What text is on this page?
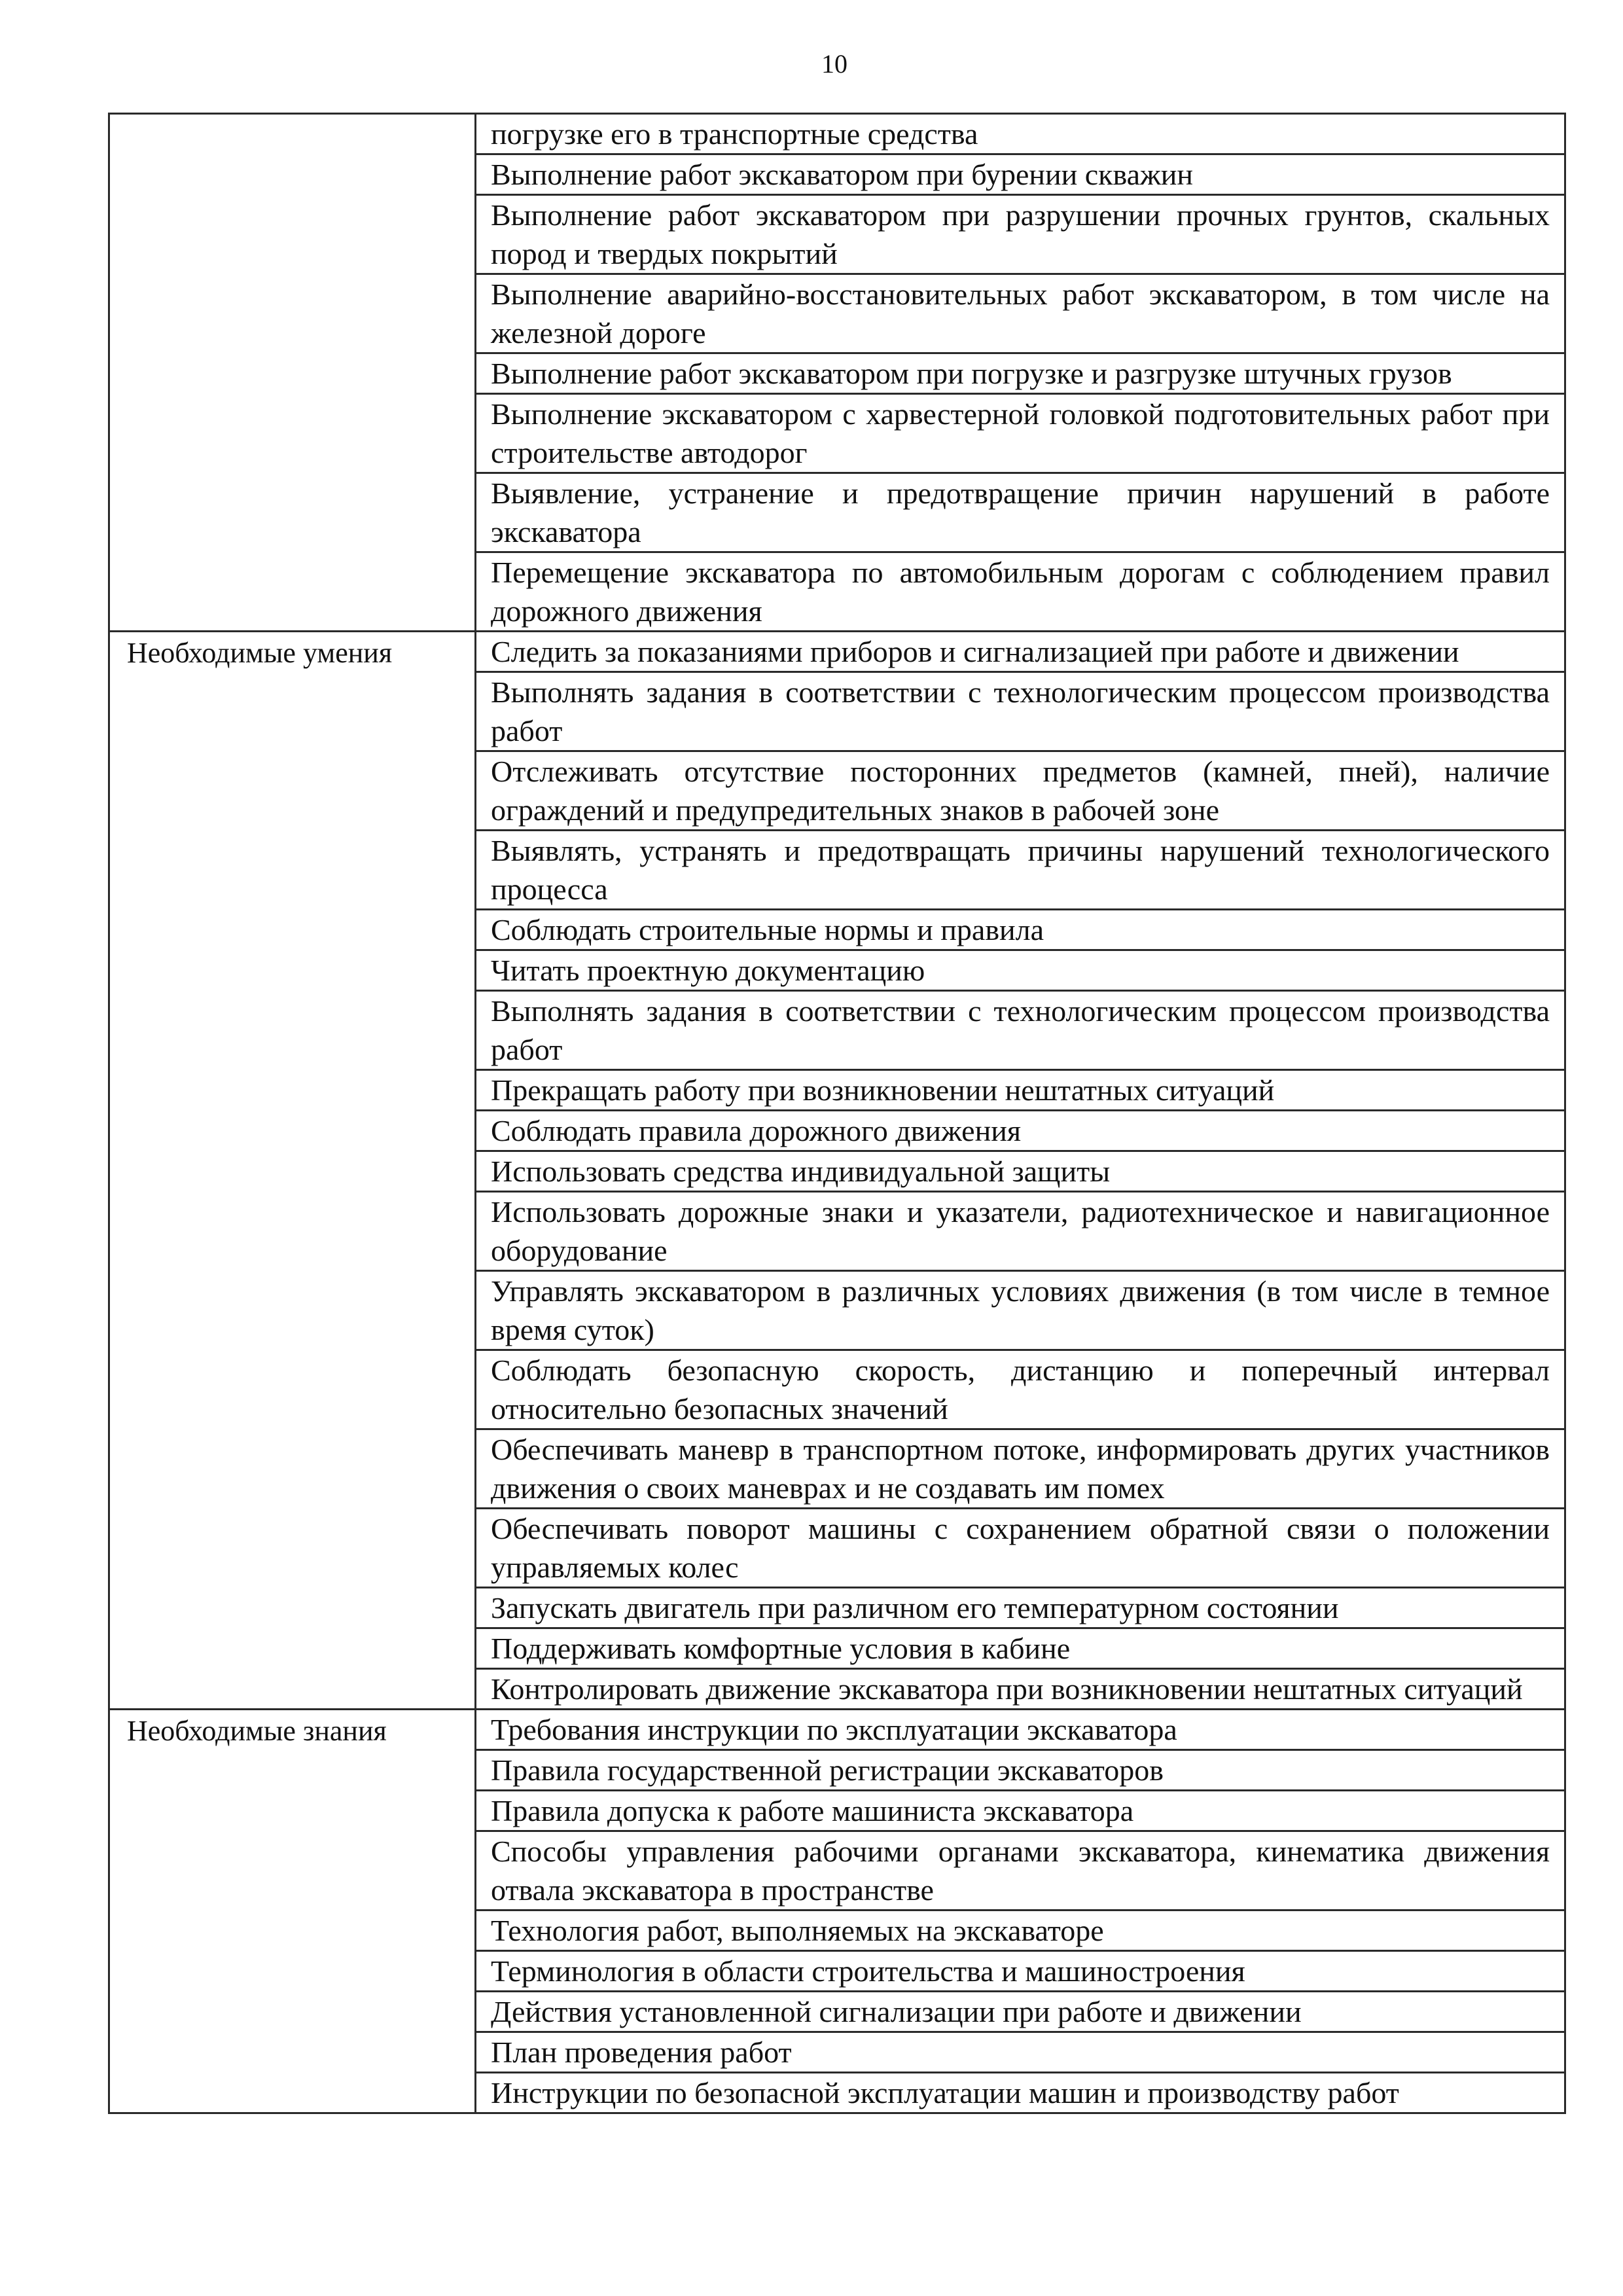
10
	погрузке его в транспортные средства
	Выполнение работ экскаватором при бурении скважин
	Выполнение работ экскаватором при разрушении прочных грунтов, скальных пород и твердых покрытий
	Выполнение аварийно-восстановительных работ экскаватором, в том числе на железной дороге
	Выполнение работ экскаватором при погрузке и разгрузке штучных грузов
	Выполнение экскаватором с харвестерной головкой подготовительных работ при строительстве автодорог
	Выявление, устранение и предотвращение причин нарушений в работе экскаватора
	Перемещение экскаватора по автомобильным дорогам с соблюдением правил дорожного движения
Необходимые умения	Следить за показаниями приборов и сигнализацией при работе и движении
	Выполнять задания в соответствии с технологическим процессом производства работ
	Отслеживать отсутствие посторонних предметов (камней, пней), наличие ограждений и предупредительных знаков в рабочей зоне
	Выявлять, устранять и предотвращать причины нарушений технологического процесса
	Соблюдать строительные нормы и правила
	Читать проектную документацию
	Выполнять задания в соответствии с технологическим процессом производства работ
	Прекращать работу при возникновении нештатных ситуаций
	Соблюдать правила дорожного движения
	Использовать средства индивидуальной защиты
	Использовать дорожные знаки и указатели, радиотехническое и навигационное оборудование
	Управлять экскаватором в различных условиях движения (в том числе в темное время суток)
	Соблюдать безопасную скорость, дистанцию и поперечный интервал относительно безопасных значений
	Обеспечивать маневр в транспортном потоке, информировать других участников движения о своих маневрах и не создавать им помех
	Обеспечивать поворот машины с сохранением обратной связи о положении управляемых колес
	Запускать двигатель при различном его температурном состоянии
	Поддерживать комфортные условия в кабине
	Контролировать движение экскаватора при возникновении нештатных ситуаций
Необходимые знания	Требования инструкции по эксплуатации экскаватора
	Правила государственной регистрации экскаваторов
	Правила допуска к работе машиниста экскаватора
	Способы управления рабочими органами экскаватора, кинематика движения отвала экскаватора в пространстве
	Технология работ, выполняемых на экскаваторе
	Терминология в области строительства и машиностроения
	Действия установленной сигнализации при работе и движении
	План проведения работ
	Инструкции по безопасной эксплуатации машин и производству работ
